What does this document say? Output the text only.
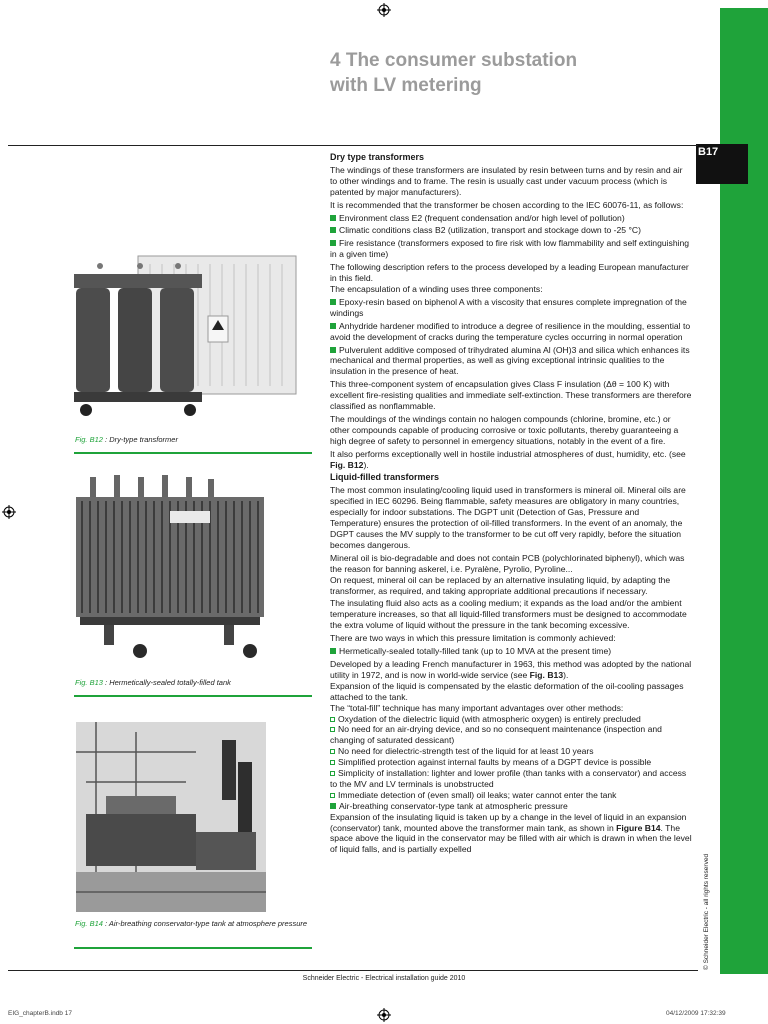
B17
© Schneider Electric - all rights reserved
4 The consumer substation
with LV metering
Fig. B12 : Dry-type transformer
Fig. B13 : Hermetically-sealed totally-filled tank
Fig. B14 : Air-breathing conservator-type tank at atmosphere pressure
Dry type transformers

The windings of these transformers are insulated by resin between turns and by resin and air to other windings and to frame. The resin is usually cast under vacuum process (which is patented by major manufacturers).

It is recommended that the transformer be chosen according to the IEC 60076-11, as follows:

Environment class E2 (frequent condensation and/or high level of pollution)

Climatic conditions class B2 (utilization, transport and stockage down to -25 °C)

Fire resistance (transformers exposed to fire risk with low flammability and self extinguishing in a given time)

The following description refers to the process developed by a leading European manufacturer in this field.

The encapsulation of a winding uses three components:

Epoxy-resin based on biphenol A with a viscosity that ensures complete impregnation of the windings

Anhydride hardener modified to introduce a degree of resilience in the moulding, essential to avoid the development of cracks during the temperature cycles occurring in normal operation

Pulverulent additive composed of trihydrated alumina Al (OH)3 and silica which enhances its mechanical and thermal properties, as well as giving exceptional intrinsic qualities to the insulation in the presence of heat.

This three-component system of encapsulation gives Class F insulation (Δθ = 100 K) with excellent fire-resisting qualities and immediate self-extinction. These transformers are therefore classified as nonflammable.

The mouldings of the windings contain no halogen compounds (chlorine, bromine, etc.) or other compounds capable of producing corrosive or toxic pollutants, thereby guaranteeing a high degree of safety to personnel in emergency situations, notably in the event of a fire.

It also performs exceptionally well in hostile industrial atmospheres of dust, humidity, etc. (see Fig. B12).

Liquid-filled transformers

The most common insulating/cooling liquid used in transformers is mineral oil. Mineral oils are specified in IEC 60296. Being flammable, safety measures are obligatory in many countries, especially for indoor substations. The DGPT unit (Detection of Gas, Pressure and Temperature) ensures the protection of oil-filled transformers. In the event of an anomaly, the DGPT causes the MV supply to the transformer to be cut off very rapidly, before the situation becomes dangerous.

Mineral oil is bio-degradable and does not contain PCB (polychlorinated biphenyl), which was the reason for banning askerel, i.e. Pyralène, Pyrolio, Pyroline...

On request, mineral oil can be replaced by an alternative insulating liquid, by adapting the transformer, as required, and taking appropriate additional precautions if necessary.

The insulating fluid also acts as a cooling medium; it expands as the load and/or the ambient temperature increases, so that all liquid-filled transformers must be designed to accommodate the extra volume of liquid without the pressure in the tank becoming excessive.

There are two ways in which this pressure limitation is commonly achieved:

Hermetically-sealed totally-filled tank (up to 10 MVA at the present time)

Developed by a leading French manufacturer in 1963, this method was adopted by the national utility in 1972, and is now in world-wide service (see Fig. B13).

Expansion of the liquid is compensated by the elastic deformation of the oil-cooling passages attached to the tank.

The “total-fill” technique has many important advantages over other methods:

Oxydation of the dielectric liquid (with atmospheric oxygen) is entirely precluded

No need for an air-drying device, and so no consequent maintenance (inspection and changing of saturated dessicant)

No need for dielectric-strength test of the liquid for at least 10 years

Simplified protection against internal faults by means of a DGPT device is possible

Simplicity of installation: lighter and lower profile (than tanks with a conservator) and access to the MV and LV terminals is unobstructed

Immediate detection of (even small) oil leaks; water cannot enter the tank

Air-breathing conservator-type tank at atmospheric pressure

Expansion of the insulating liquid is taken up by a change in the level of liquid in an expansion (conservator) tank, mounted above the transformer main tank, as shown in Figure B14. The space above the liquid in the conservator may be filled with air which is drawn in when the level of liquid falls, and is partially expelled

Schneider Electric - Electrical installation guide 2010
EIG_chapterB.indb 17	04/12/2009 17:32:39
